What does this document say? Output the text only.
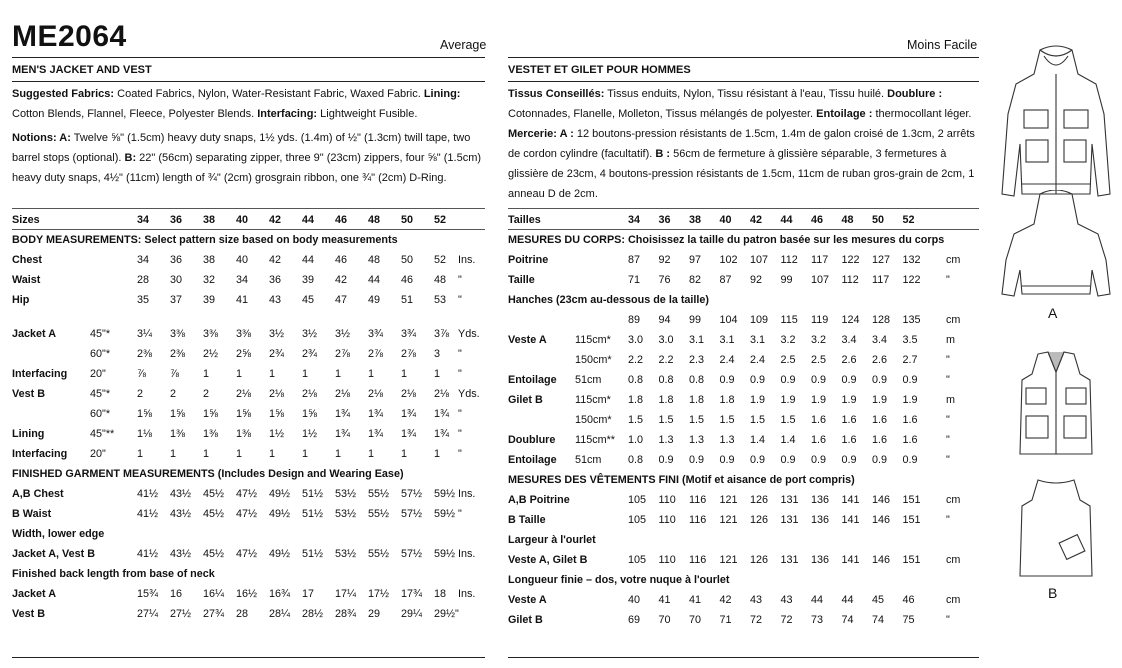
ME2064	Average
MEN'S JACKET AND VEST
Suggested Fabrics: Coated Fabrics, Nylon, Water-Resistant Fabric, Waxed Fabric. Lining: Cotton Blends, Flannel, Fleece, Polyester Blends. Interfacing: Lightweight Fusible.
Notions: A: Twelve ⅝" (1.5cm) heavy duty snaps, 1½ yds. (1.4m) of ½" (1.3cm) twill tape, two barrel stops (optional). B: 22" (56cm) separating zipper, three 9" (23cm) zippers, four ⅝" (1.5cm) heavy duty snaps, 4½" (11cm) length of ¾" (2cm) grosgrain ribbon, one ¾" (2cm) D-Ring.
Sizes	34 36 38 40 42 44 46 48 50 52
BODY MEASUREMENTS: Select pattern size based on body measurements
Chest	34 36 38 40 42 44 46 48 50 52 Ins.
Waist	28 30 32 34 36 39 42 44 46 48 "
Hip	35 37 39 41 43 45 47 49 51 53 "
Jacket A	45"* 3¼ 3⅜ 3⅜ 3⅜ 3½ 3½ 3½ 3¾ 3¾ 3⅞ Yds.
60"* 2⅜ 2⅜ 2½ 2⅝ 2¾ 2¾ 2⅞ 2⅞ 2⅞ 3 "
Interfacing 20"	⅞ ⅞ 1 1 1 1 1 1 1 1 "
Vest B	45"* 2 2 2 2⅛ 2⅛ 2⅛ 2⅛ 2⅛ 2⅛ 2⅛ Yds.
60"* 1⅝ 1⅝ 1⅝ 1⅝ 1⅝ 1⅝ 1¾ 1¾ 1¾ 1¾ "
Lining	45"** 1⅛ 1⅜ 1⅜ 1⅜ 1½ 1½ 1¾ 1¾ 1¾ 1¾ "
Interfacing 20"	1 1 1 1 1 1 1 1 1 1 "
FINISHED GARMENT MEASUREMENTS (Includes Design and Wearing Ease)
A,B Chest	41½ 43½ 45½ 47½ 49½ 51½ 53½ 55½ 57½ 59½ Ins.
B Waist	41½ 43½ 45½ 47½ 49½ 51½ 53½ 55½ 57½ 59½ "
Width, lower edge
Jacket A, Vest B	41½ 43½ 45½ 47½ 49½ 51½ 53½ 55½ 57½ 59½ Ins.
Finished back length from base of neck
Jacket A	15¾ 16 16¼ 16½ 16¾ 17 17¼ 17½ 17¾ 18 Ins.
Vest B	27¼ 27½ 27¾ 28 28¼ 28½ 28¾ 29 29¼ 29½"
Moins Facile
VESTET ET GILET POUR HOMMES
Tissus Conseillés: Tissus enduits, Nylon, Tissu résistant à l'eau, Tissu huilé. Doublure : Cotonnades, Flanelle, Molleton, Tissus mélangés de polyester. Entoilage : thermocollant léger.
Mercerie: A : 12 boutons-pression résistants de 1.5cm, 1.4m de galon croisé de 1.3cm, 2 arrêts de cordon cylindre (facultatif). B : 56cm de fermeture à glissière séparable, 3 fermetures à glissière de 23cm, 4 boutons-pression résistants de 1.5cm, 11cm de ruban gros-grain de 2cm, 1 anneau D de 2cm.
Tailles	34 36 38 40 42 44 46 48 50 52
MESURES DU CORPS: Choisissez la taille du patron basée sur les mesures du corps
Poitrine	87 92 97 102 107 112 117 122 127 132 cm
Taille	71 76 82 87 92 99 107 112 117 122 "
Hanches (23cm au-dessous de la taille)
89 94 99 104 109 115 119 124 128 135 cm
Veste A	115cm* 3.0 3.0 3.1 3.1 3.1 3.2 3.2 3.4 3.4 3.5	m
150cm* 2.2 2.2 2.3 2.4 2.4 2.5 2.5 2.6 2.6 2.7	"
Entoilage 51cm 0.8 0.8 0.8 0.9 0.9 0.9 0.9 0.9 0.9 0.9	"
Gilet B	115cm* 1.8 1.8 1.8 1.8 1.9 1.9 1.9 1.9 1.9 1.9	m
150cm* 1.5 1.5 1.5 1.5 1.5 1.5 1.6 1.6 1.6 1.6	"
Doublure 115cm** 1.0 1.3 1.3 1.3 1.4 1.4 1.6 1.6 1.6 1.6	"
Entoilage 51cm 0.8 0.9 0.9 0.9 0.9 0.9 0.9 0.9 0.9 0.9	"
MESURES DES VÊTEMENTS FINI (Motif et aisance de port compris)
A,B Poitrine	105 110 116 121 126 131 136 141 146 151 cm
B Taille	105 110 116 121 126 131 136 141 146 151 "
Largeur à l'ourlet
Veste A, Gilet B	105 110 116 121 126 131 136 141 146 151 cm
Longueur finie – dos, votre nuque à l'ourlet
Veste A	40 41 41 42 43 43 44 44 45 46	cm
Gilet B	69 70 70 71 72 72 73 74 74 75	"
A
B
